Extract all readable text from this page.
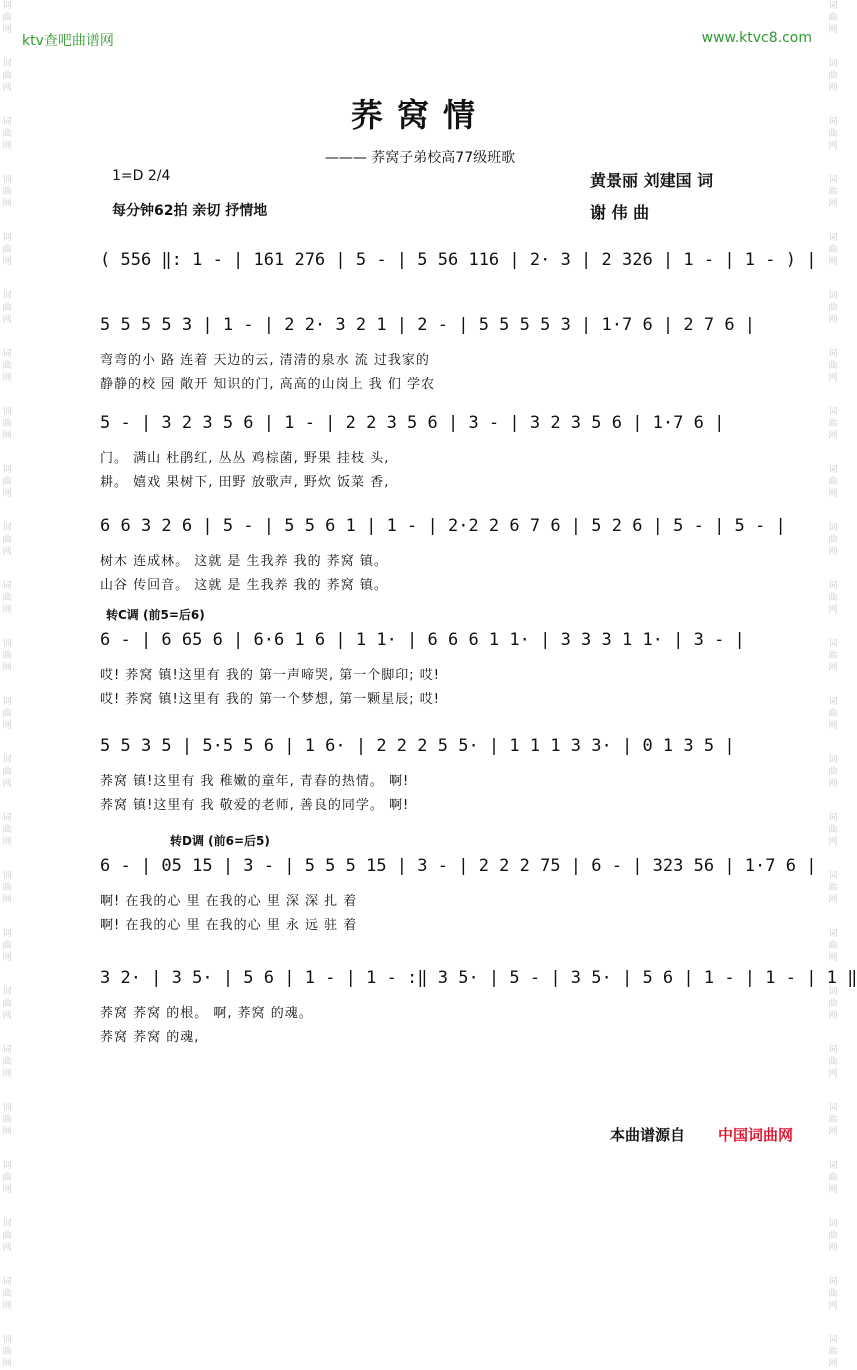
ktv查吧曲谱网	www.ktvc8.com
词曲网
词曲网
词曲网
词曲网
词曲网
词曲网
词曲网
词曲网
词曲网
词曲网
词曲网
词曲网
词曲网
词曲网
词曲网
词曲网
词曲网
词曲网
词曲网
词曲网
词曲网
词曲网
词曲网
词曲网
词曲网
词曲网
词曲网
词曲网
词曲网
词曲网
词曲网
词曲网
词曲网
词曲网
词曲网
词曲网
词曲网
词曲网
词曲网
词曲网
词曲网
词曲网
词曲网
词曲网
词曲网
词曲网
词曲网
词曲网
荞窝情
——— 荞窝子弟校高77级班歌
1=D 2/4
每分钟62拍 亲切 抒情地
黄景丽 刘建国 词
谢 伟 曲
( 556 ‖: 1 - | 161 276 | 5 - | 5 56 116 | 2· 3 | 2 326 | 1 - | 1 - ) |
5 5 5 5 3 | 1 - | 2 2· 3 2 1 | 2 - | 5 5 5 5 3 | 1·7 6 | 2 7 6 |
弯弯的小 路 连着 天边的云, 清清的泉水 流 过我家的
静静的校 园 敞开 知识的门, 高高的山岗上 我 们 学农
5 - | 3 2 3 5 6 | 1 - | 2 2 3 5 6 | 3 - | 3 2 3 5 6 | 1·7 6 |
门。 满山 杜鹃红, 丛丛 鸡棕菌, 野果 挂枝 头,
耕。 嬉戏 果树下, 田野 放歌声, 野炊 饭菜 香,
6 6 3 2 6 | 5 - | 5 5 6 1 | 1 - | 2·2 2 6 7 6 | 5 2 6 | 5 - | 5 - |
树木 连成林。 这就 是 生我养 我的 荞窝 镇。
山谷 传回音。 这就 是 生我养 我的 荞窝 镇。
转C调 (前5=后6)
6 - | 6 65 6 | 6·6 1 6 | 1 1· | 6 6 6 1 1· | 3 3 3 1 1· | 3 - |
哎! 荞窝 镇!这里有 我的 第一声啼哭, 第一个脚印; 哎!
哎! 荞窝 镇!这里有 我的 第一个梦想, 第一颗星辰; 哎!
5 5 3 5 | 5·5 5 6 | 1 6· | 2 2 2 5 5· | 1 1 1 3 3· | 0 1 3 5 |
荞窝 镇!这里有 我 稚嫩的童年, 青春的热情。 啊!
荞窝 镇!这里有 我 敬爱的老师, 善良的同学。 啊!
转D调 (前6=后5)
6 - | 05 15 | 3 - | 5 5 5 15 | 3 - | 2 2 2 75 | 6 - | 323 56 | 1·7 6 |
啊! 在我的心 里 在我的心 里 深 深 扎 着
啊! 在我的心 里 在我的心 里 永 远 驻 着
3 2· | 3 5· | 5 6 | 1 - | 1 - :‖ 3 5· | 5 - | 3 5· | 5 6 | 1 - | 1 - | 1 ‖
荞窝 荞窝 的根。 啊, 荞窝 的魂。
荞窝 荞窝 的魂,
本曲谱源自 中国词曲网
